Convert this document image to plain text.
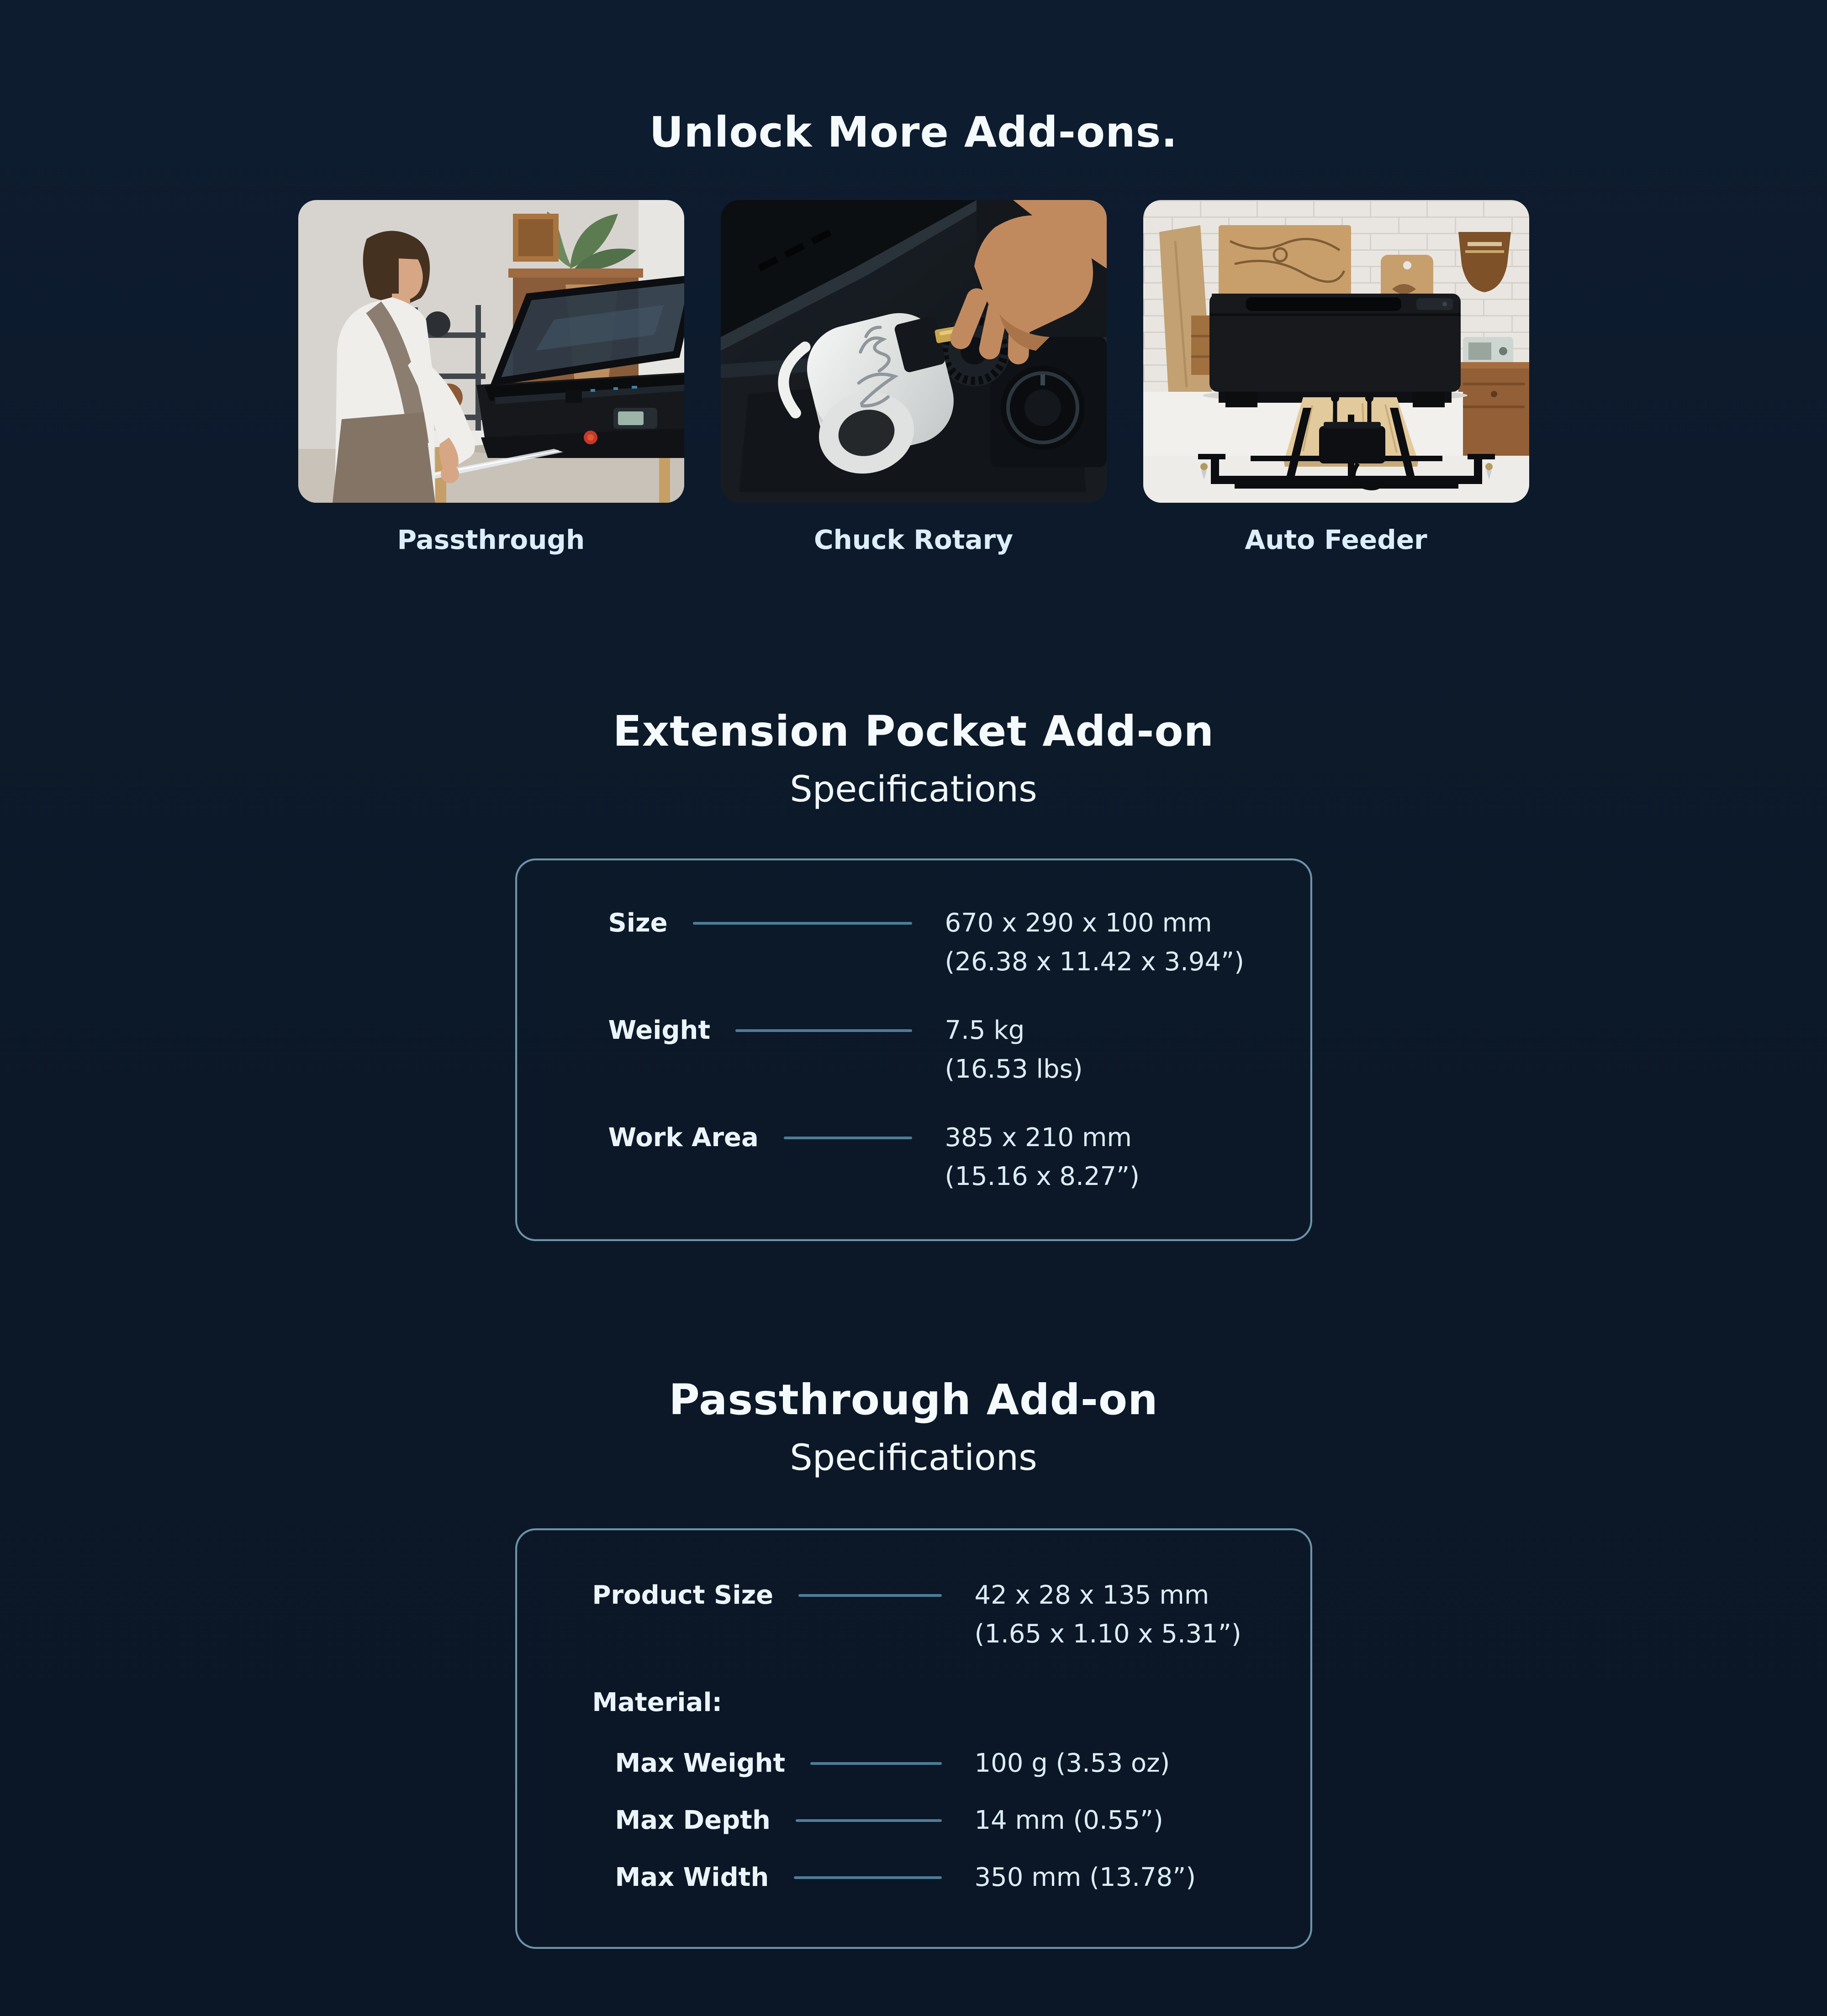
Unlock More Add-ons.
Passthrough	Chuck Rotary	Auto Feeder
Extension Pocket Add-on
Specifications
Size	670 x 290 x 100 mm
(26.38 x 11.42 x 3.94”)
Weight	7.5 kg
(16.53 lbs)
Work Area	385 x 210 mm
(15.16 x 8.27”)
Passthrough Add-on
Specifications
Product Size	42 x 28 x 135 mm
(1.65 x 1.10 x 5.31”)
Material:
Max Weight	100 g (3.53 oz)
Max Depth	14 mm (0.55”)
Max Width	350 mm (13.78”)
